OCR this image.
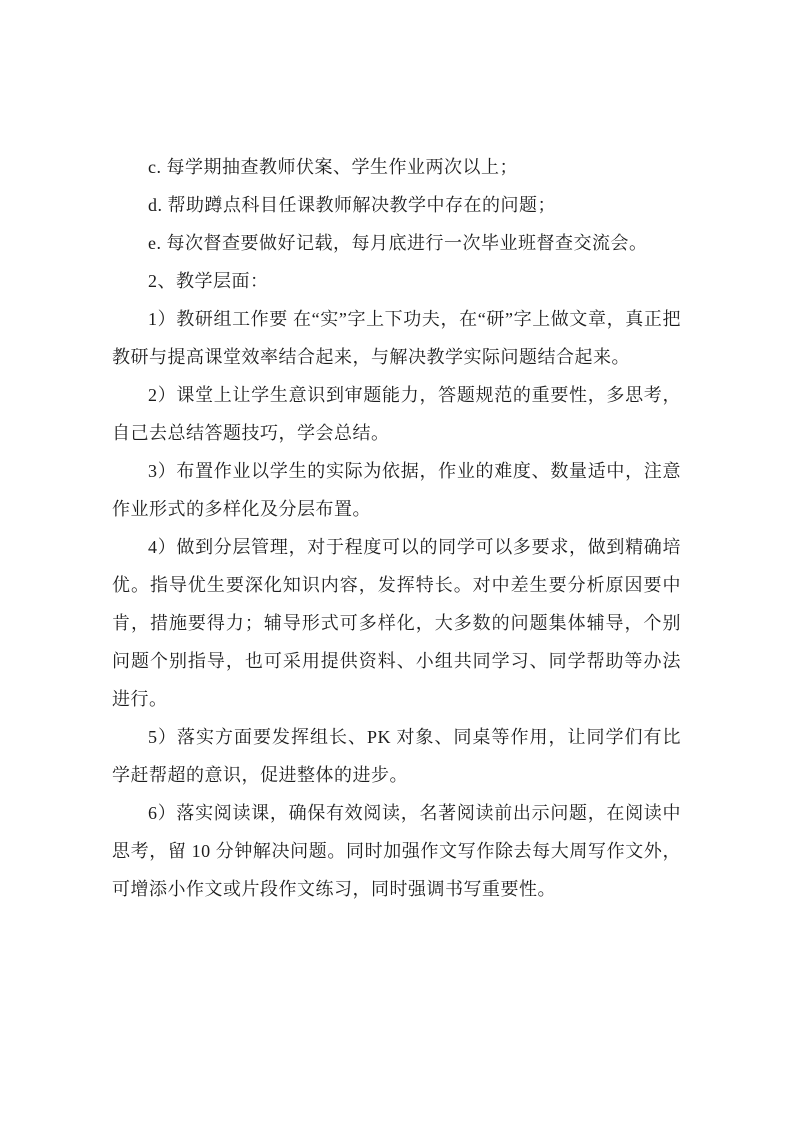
c. 每学期抽查教师伏案、学生作业两次以上；

d. 帮助蹲点科目任课教师解决教学中存在的问题；

e. 每次督查要做好记载，每月底进行一次毕业班督查交流会。

2、教学层面：

1）教研组工作要 在“实”字上下功夫，在“研”字上做文章，真正把教研与提高课堂效率结合起来，与解决教学实际问题结合起来。

2）课堂上让学生意识到审题能力，答题规范的重要性，多思考，自己去总结答题技巧，学会总结。

3）布置作业以学生的实际为依据，作业的难度、数量适中，注意作业形式的多样化及分层布置。

4）做到分层管理，对于程度可以的同学可以多要求，做到精确培优。指导优生要深化知识内容，发挥特长。对中差生要分析原因要中肯，措施要得力；辅导形式可多样化，大多数的问题集体辅导，个别问题个别指导，也可采用提供资料、小组共同学习、同学帮助等办法进行。

5）落实方面要发挥组长、PK 对象、同桌等作用，让同学们有比学赶帮超的意识，促进整体的进步。

6）落实阅读课，确保有效阅读，名著阅读前出示问题，在阅读中思考，留 10 分钟解决问题。同时加强作文写作除去每大周写作文外，可增添小作文或片段作文练习，同时强调书写重要性。
